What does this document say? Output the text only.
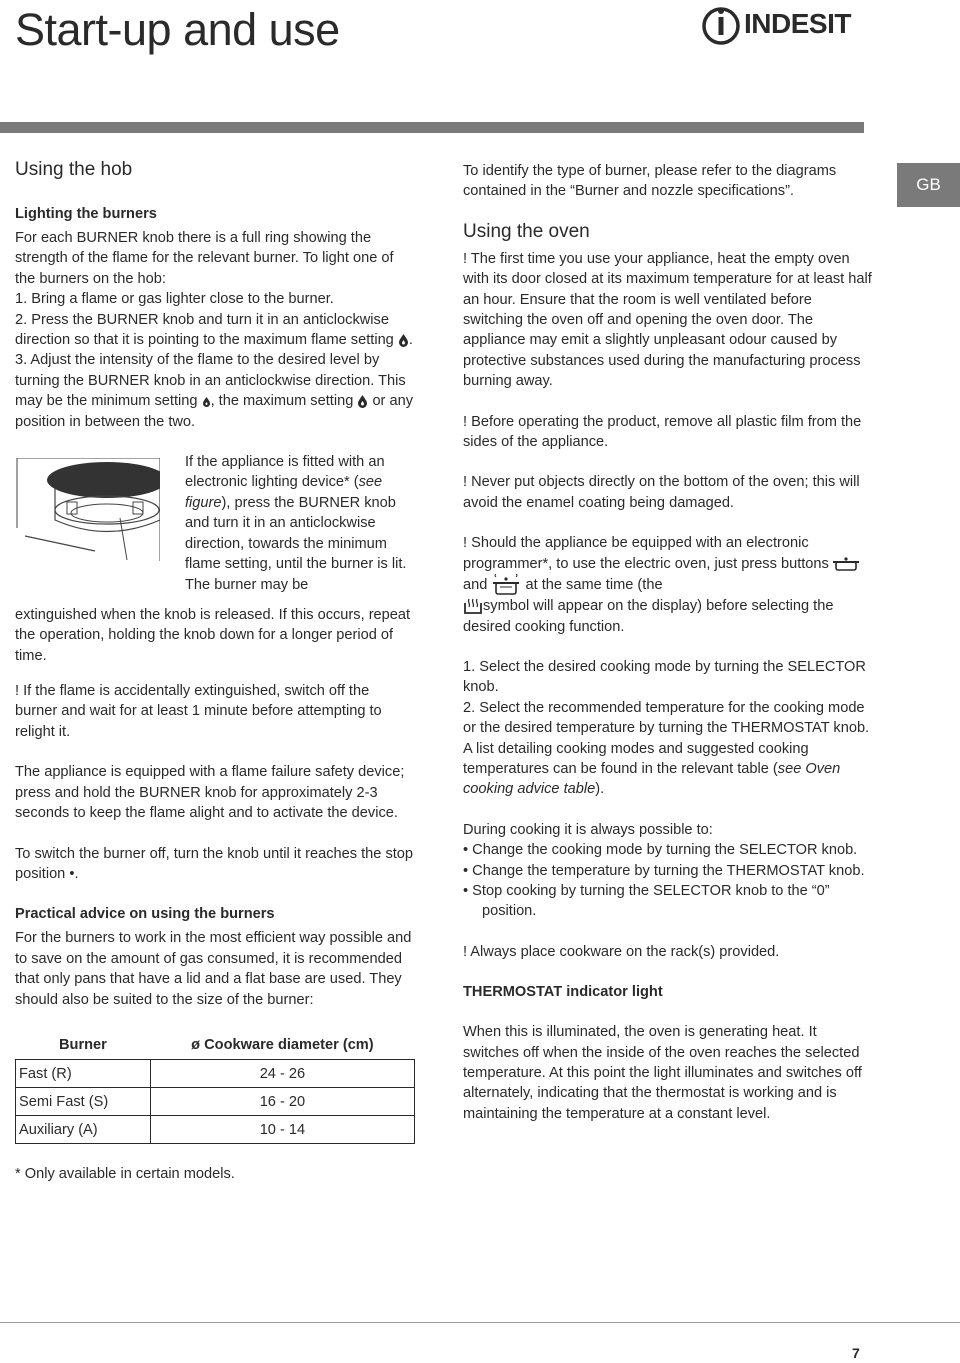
Start-up and use	INDESIT
GB
Using the hob
Lighting the burners

For each BURNER knob there is a full ring showing the strength of the flame for the relevant burner. To light one of the burners on the hob:

1. Bring a flame or gas lighter close to the burner.

2. Press the BURNER knob and turn it in an anticlockwise direction so that it is pointing to the maximum flame setting .

3. Adjust the intensity of the flame to the desired level by turning the BURNER knob in an anticlockwise direction. This may be the minimum setting , the maximum setting or any position in between the two.

If the appliance is fitted with an electronic lighting device* (see figure), press the BURNER knob and turn it in an anticlockwise direction, towards the minimum flame setting, until the burner is lit. The burner may be

extinguished when the knob is released. If this occurs, repeat the operation, holding the knob down for a longer period of time.

! If the flame is accidentally extinguished, switch off the burner and wait for at least 1 minute before attempting to relight it.

The appliance is equipped with a flame failure safety device; press and hold the BURNER knob for approximately 2-3 seconds to keep the flame alight and to activate the device.

To switch the burner off, turn the knob until it reaches the stop position •.

Practical advice on using the burners

For the burners to work in the most efficient way possible and to save on the amount of gas consumed, it is recommended that only pans that have a lid and a flat base are used. They should also be suited to the size of the burner:

Burner	ø Cookware diameter (cm)
Fast (R)	24 - 26
Semi Fast (S)	16 - 20
Auxiliary (A)	10 - 14

* Only available in certain models.

To identify the type of burner, please refer to the diagrams contained in the “Burner and nozzle specifications”.

Using the oven

! The first time you use your appliance, heat the empty oven with its door closed at its maximum temperature for at least half an hour. Ensure that the room is well ventilated before switching the oven off and opening the oven door. The appliance may emit a slightly unpleasant odour caused by protective substances used during the manufacturing process burning away.

! Before operating the product, remove all plastic film from the sides of the appliance.

! Never put objects directly on the bottom of the oven; this will avoid the enamel coating being damaged.

! Should the appliance be equipped with an electronic programmer*, to use the electric oven, just press buttons  and	at the same time (the
symbol will appear on the display) before selecting the desired cooking function.

1. Select the desired cooking mode by turning the SELECTOR knob.

2. Select the recommended temperature for the cooking mode or the desired temperature by turning the THERMOSTAT knob.

A list detailing cooking modes and suggested cooking temperatures can be found in the relevant table (see Oven cooking advice table).

During cooking it is always possible to:

• Change the cooking mode by turning the SELECTOR knob.

• Change the temperature by turning the THERMOSTAT knob.

• Stop cooking by turning the SELECTOR knob to the “0” position.

! Always place cookware on the rack(s) provided.

THERMOSTAT indicator light

When this is illuminated, the oven is generating heat. It switches off when the inside of the oven reaches the selected temperature. At this point the light illuminates and switches off alternately, indicating that the thermostat is working and is maintaining the temperature at a constant level.

7
